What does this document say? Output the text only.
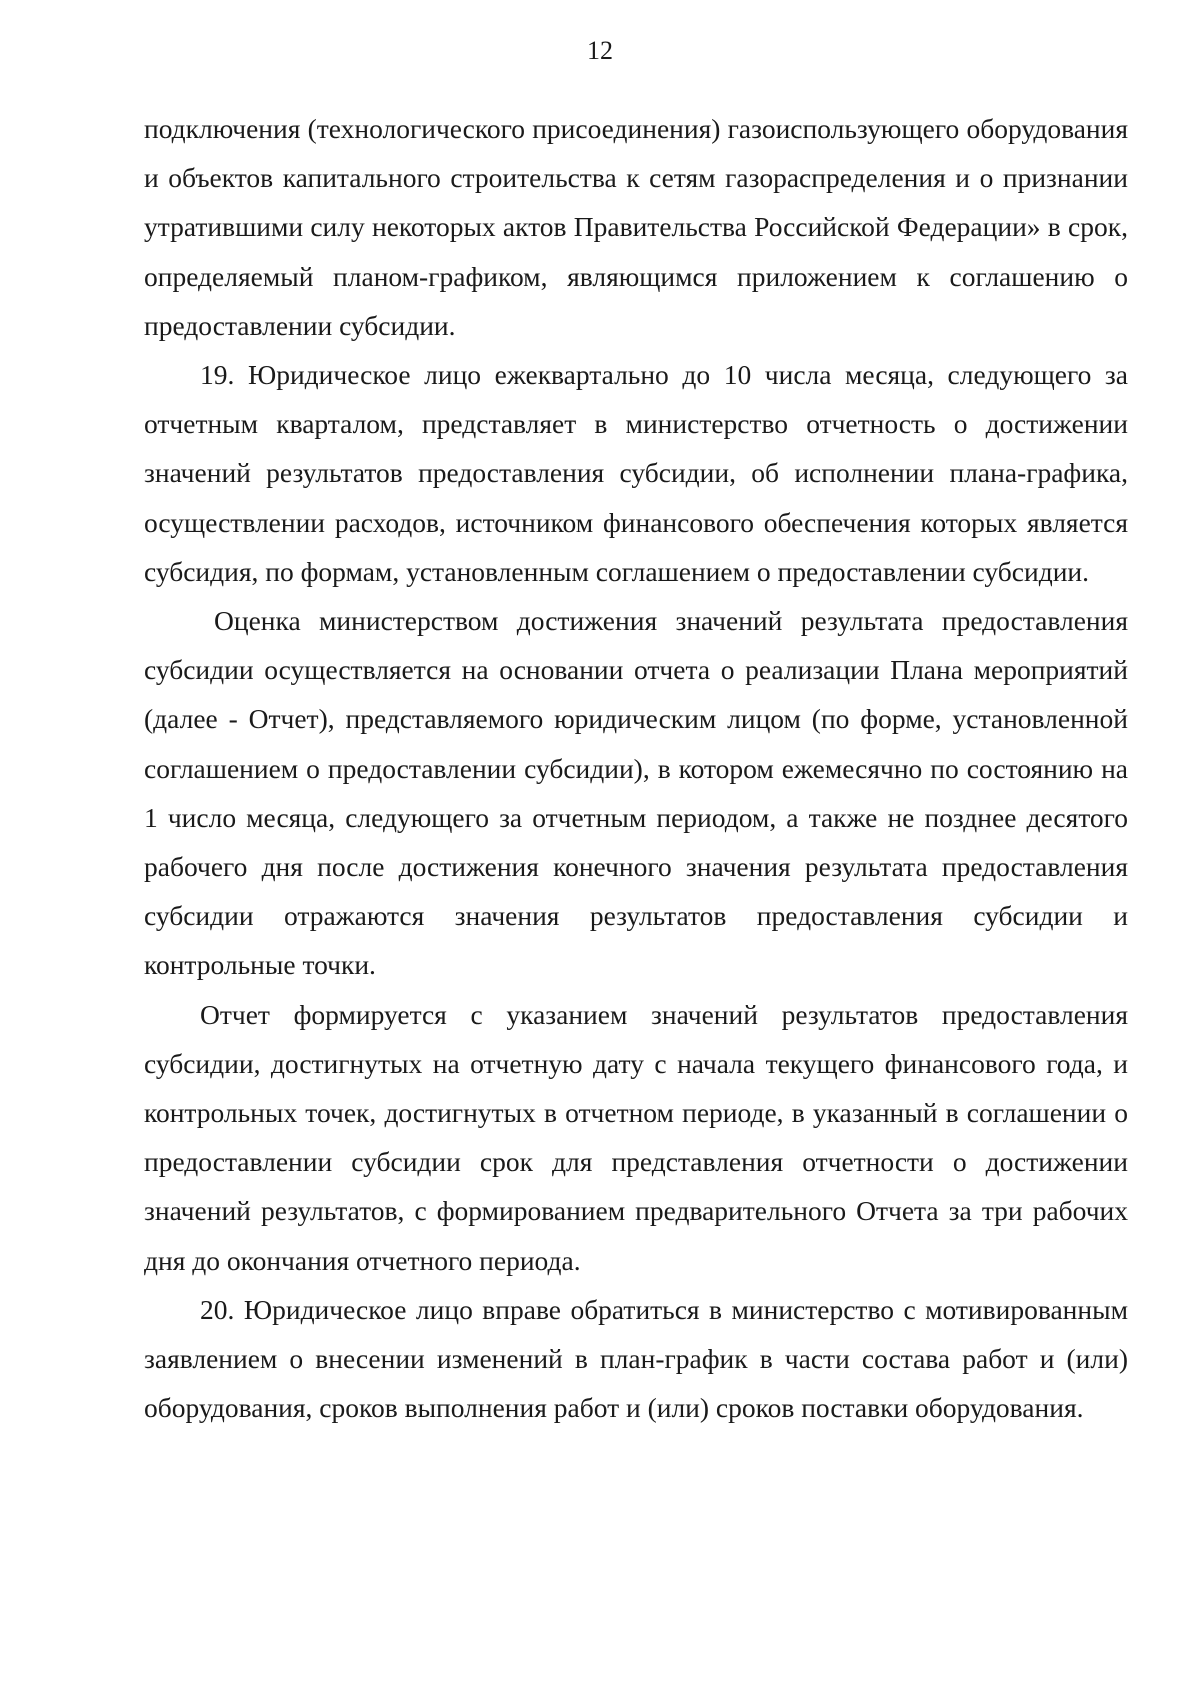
12

подключения (технологического присоединения) газоиспользующего оборудования и объектов капитального строительства к сетям газораспределения и о признании утратившими силу некоторых актов Правительства Российской Федерации» в срок, определяемый планом-графиком, являющимся приложением к соглашению о предоставлении субсидии.

19. Юридическое лицо ежеквартально до 10 числа месяца, следующего за отчетным кварталом, представляет в министерство отчетность о достижении значений результатов предоставления субсидии, об исполнении плана-графика, осуществлении расходов, источником финансового обеспечения которых является субсидия, по формам, установленным соглашением о предоставлении субсидии.

Оценка министерством достижения значений результата предоставления субсидии осуществляется на основании отчета о реализации Плана мероприятий (далее - Отчет), представляемого юридическим лицом (по форме, установленной соглашением о предоставлении субсидии), в котором ежемесячно по состоянию на 1 число месяца, следующего за отчетным периодом, а также не позднее десятого рабочего дня после достижения конечного значения результата предоставления субсидии отражаются значения результатов предоставления субсидии и контрольные точки.

Отчет формируется с указанием значений результатов предоставления субсидии, достигнутых на отчетную дату с начала текущего финансового года, и контрольных точек, достигнутых в отчетном периоде, в указанный в соглашении о предоставлении субсидии срок для представления отчетности о достижении значений результатов, с формированием предварительного Отчета за три рабочих дня до окончания отчетного периода.

20. Юридическое лицо вправе обратиться в министерство с мотивированным заявлением о внесении изменений в план-график в части состава работ и (или) оборудования, сроков выполнения работ и (или) сроков поставки оборудования.
